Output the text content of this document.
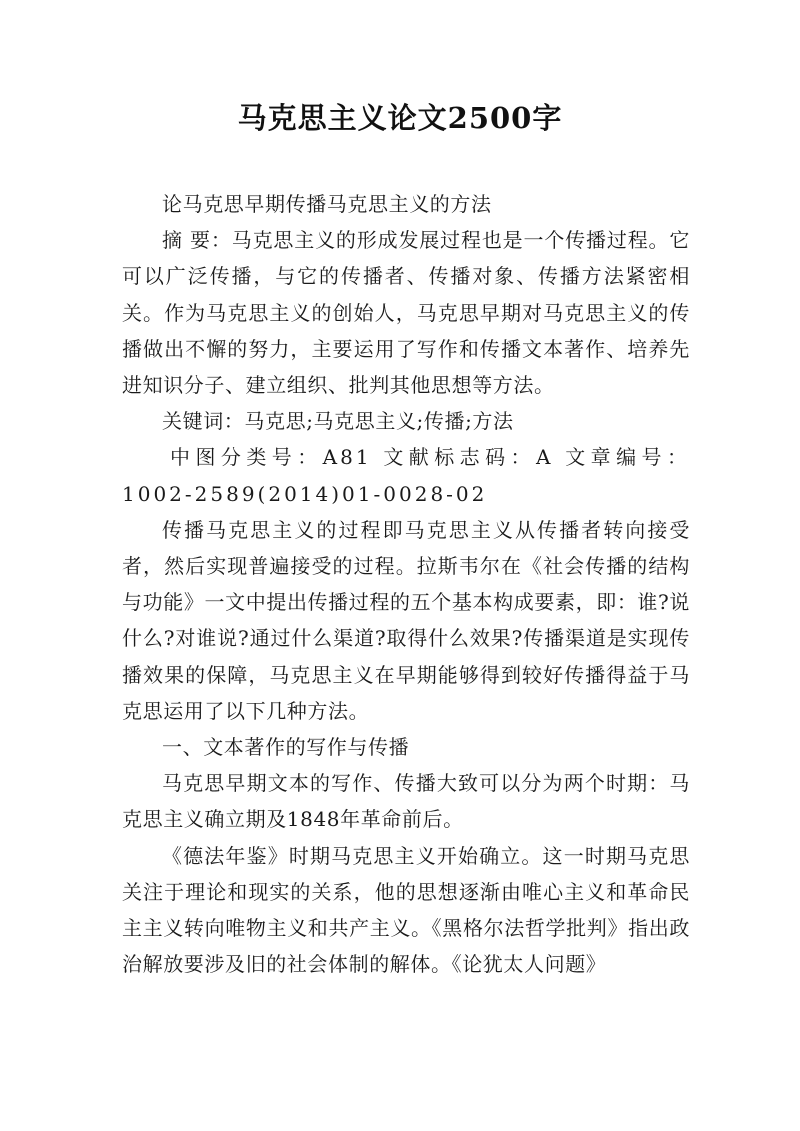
马克思主义论文2500字

论马克思早期传播马克思主义的方法

摘 要：马克思主义的形成发展过程也是一个传播过程。它可以广泛传播，与它的传播者、传播对象、传播方法紧密相关。作为马克思主义的创始人，马克思早期对马克思主义的传播做出不懈的努力，主要运用了写作和传播文本著作、培养先进知识分子、建立组织、批判其他思想等方法。

关键词：马克思;马克思主义;传播;方法

中图分类号：A81 文献标志码：A 文章编号：1002-2589(2014)01-0028-02

传播马克思主义的过程即马克思主义从传播者转向接受者，然后实现普遍接受的过程。拉斯韦尔在《社会传播的结构与功能》一文中提出传播过程的五个基本构成要素，即：谁?说什么?对谁说?通过什么渠道?取得什么效果?传播渠道是实现传播效果的保障，马克思主义在早期能够得到较好传播得益于马克思运用了以下几种方法。

一、文本著作的写作与传播

马克思早期文本的写作、传播大致可以分为两个时期：马克思主义确立期及1848年革命前后。

《德法年鉴》时期马克思主义开始确立。这一时期马克思关注于理论和现实的关系，他的思想逐渐由唯心主义和革命民主主义转向唯物主义和共产主义。《黑格尔法哲学批判》指出政治解放要涉及旧的社会体制的解体。《论犹太人问题》
